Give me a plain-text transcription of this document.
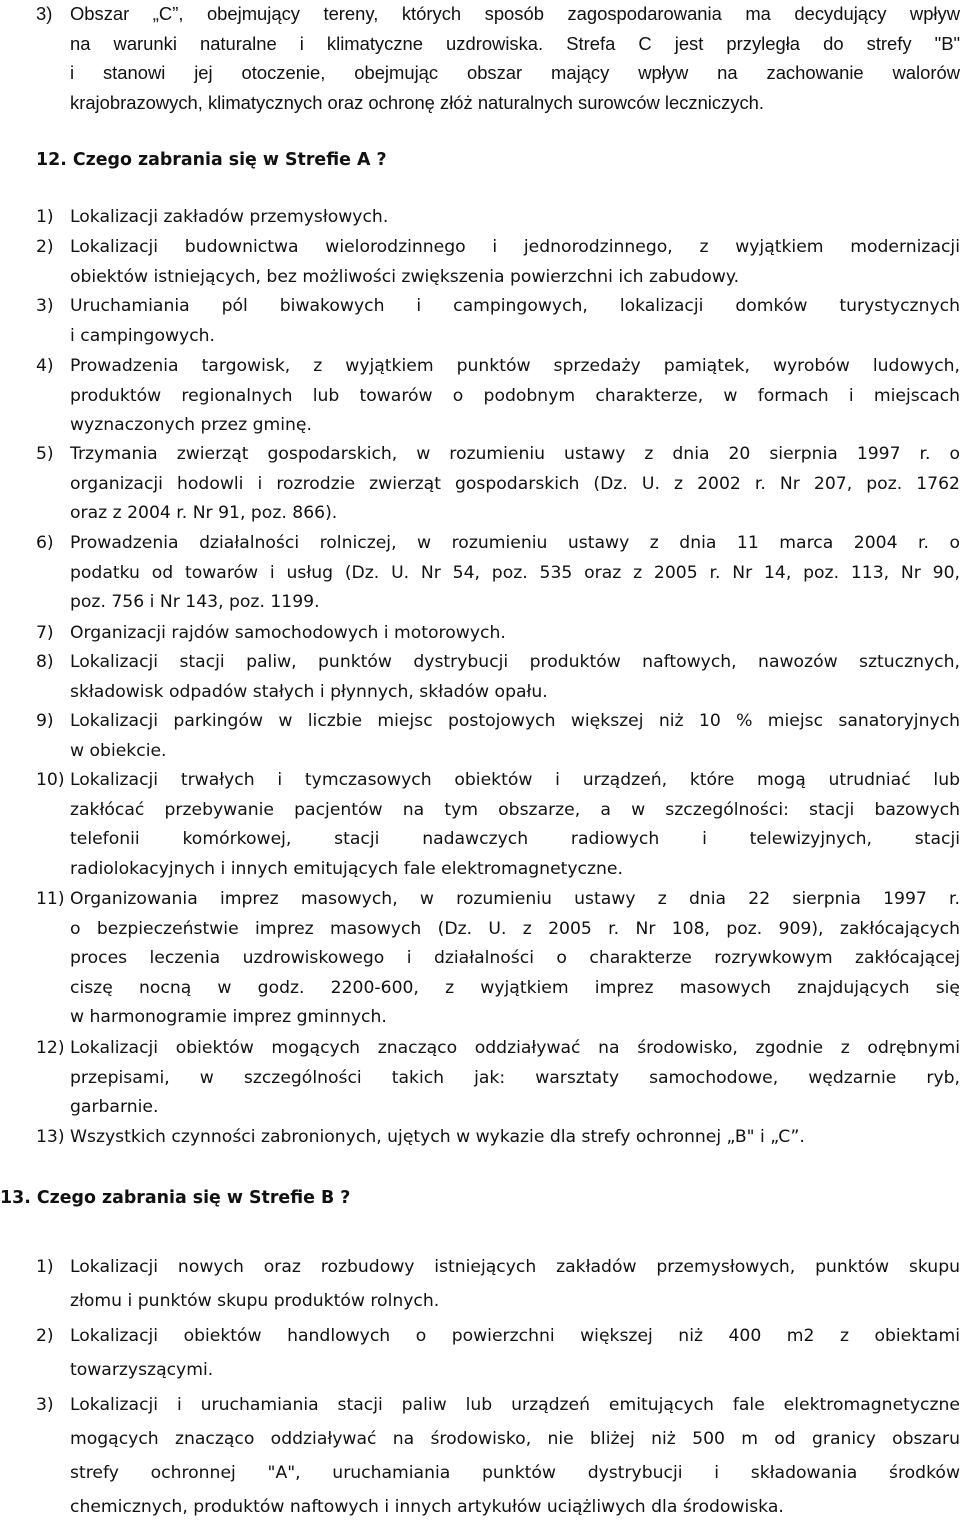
3) Obszar „C”, obejmujący tereny, których sposób zagospodarowania ma decydujący wpływ
na warunki naturalne i klimatyczne uzdrowiska. Strefa C jest przyległa do strefy "B"
i stanowi jej otoczenie, obejmując obszar mający wpływ na zachowanie walorów
krajobrazowych, klimatycznych oraz ochronę złóż naturalnych surowców leczniczych.
12. Czego zabrania się w Strefie A ?
1) Lokalizacji zakładów przemysłowych.
2) Lokalizacji budownictwa wielorodzinnego i jednorodzinnego, z wyjątkiem modernizacji
obiektów istniejących, bez możliwości zwiększenia powierzchni ich zabudowy.
3) Uruchamiania pól biwakowych i campingowych, lokalizacji domków turystycznych
i campingowych.
4) Prowadzenia targowisk, z wyjątkiem punktów sprzedaży pamiątek, wyrobów ludowych,
produktów regionalnych lub towarów o podobnym charakterze, w formach i miejscach
wyznaczonych przez gminę.
5) Trzymania zwierząt gospodarskich, w rozumieniu ustawy z dnia 20 sierpnia 1997 r. o
organizacji hodowli i rozrodzie zwierząt gospodarskich (Dz. U. z 2002 r. Nr 207, poz. 1762
oraz z 2004 r. Nr 91, poz. 866).
6) Prowadzenia działalności rolniczej, w rozumieniu ustawy z dnia 11 marca 2004 r. o
podatku od towarów i usług (Dz. U. Nr 54, poz. 535 oraz z 2005 r. Nr 14, poz. 113, Nr 90,
poz. 756 i Nr 143, poz. 1199.
7) Organizacji rajdów samochodowych i motorowych.
8) Lokalizacji stacji paliw, punktów dystrybucji produktów naftowych, nawozów sztucznych,
składowisk odpadów stałych i płynnych, składów opału.
9) Lokalizacji parkingów w liczbie miejsc postojowych większej niż 10 % miejsc sanatoryjnych
w obiekcie.
10) Lokalizacji trwałych i tymczasowych obiektów i urządzeń, które mogą utrudniać lub
zakłócać przebywanie pacjentów na tym obszarze, a w szczególności: stacji bazowych
telefonii komórkowej, stacji nadawczych radiowych i telewizyjnych, stacji
radiolokacyjnych i innych emitujących fale elektromagnetyczne.
11) Organizowania imprez masowych, w rozumieniu ustawy z dnia 22 sierpnia 1997 r.
o bezpieczeństwie imprez masowych (Dz. U. z 2005 r. Nr 108, poz. 909), zakłócających
proces leczenia uzdrowiskowego i działalności o charakterze rozrywkowym zakłócającej
ciszę nocną w godz. 2200-600, z wyjątkiem imprez masowych znajdujących się
w harmonogramie imprez gminnych.
12) Lokalizacji obiektów mogących znacząco oddziaływać na środowisko, zgodnie z odrębnymi
przepisami, w szczególności takich jak: warsztaty samochodowe, wędzarnie ryb,
garbarnie.
13) Wszystkich czynności zabronionych, ujętych w wykazie dla strefy ochronnej „B" i „C”.
13. Czego zabrania się w Strefie B ?
1) Lokalizacji nowych oraz rozbudowy istniejących zakładów przemysłowych, punktów skupu
złomu i punktów skupu produktów rolnych.
2) Lokalizacji obiektów handlowych o powierzchni większej niż 400 m2 z obiektami
towarzyszącymi.
3) Lokalizacji i uruchamiania stacji paliw lub urządzeń emitujących fale elektromagnetyczne
mogących znacząco oddziaływać na środowisko, nie bliżej niż 500 m od granicy obszaru
strefy ochronnej "A", uruchamiania punktów dystrybucji i składowania środków
chemicznych, produktów naftowych i innych artykułów uciążliwych dla środowiska.
